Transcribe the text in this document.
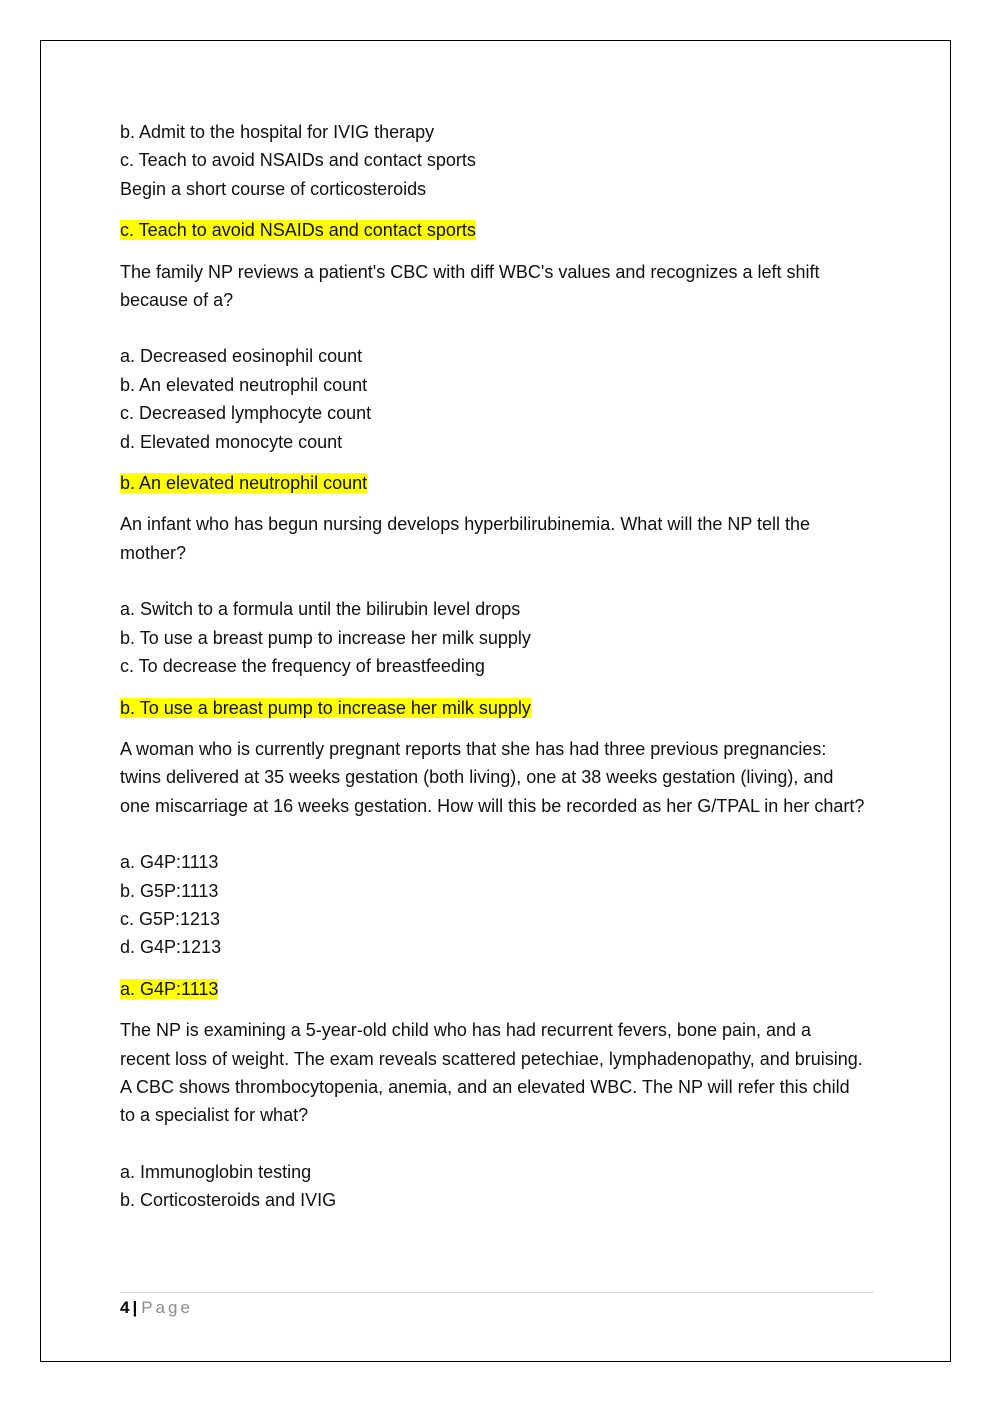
b. Admit to the hospital for IVIG therapy

c. Teach to avoid NSAIDs and contact sports

Begin a short course of corticosteroids

c. Teach to avoid NSAIDs and contact sports

The family NP reviews a patient's CBC with diff WBC's values and recognizes a left shift because of a?

a. Decreased eosinophil count

b. An elevated neutrophil count

c. Decreased lymphocyte count

d. Elevated monocyte count

b. An elevated neutrophil count

An infant who has begun nursing develops hyperbilirubinemia. What will the NP tell the mother?

a. Switch to a formula until the bilirubin level drops

b. To use a breast pump to increase her milk supply

c. To decrease the frequency of breastfeeding

b. To use a breast pump to increase her milk supply

A woman who is currently pregnant reports that she has had three previous pregnancies: twins delivered at 35 weeks gestation (both living), one at 38 weeks gestation (living), and one miscarriage at 16 weeks gestation. How will this be recorded as her G/TPAL in her chart?

a. G4P:1113

b. G5P:1113

c. G5P:1213

d. G4P:1213

a. G4P:1113

The NP is examining a 5-year-old child who has had recurrent fevers, bone pain, and a recent loss of weight. The exam reveals scattered petechiae, lymphadenopathy, and bruising. A CBC shows thrombocytopenia, anemia, and an elevated WBC. The NP will refer this child to a specialist for what?

a. Immunoglobin testing

b. Corticosteroids and IVIG

4 | Page
